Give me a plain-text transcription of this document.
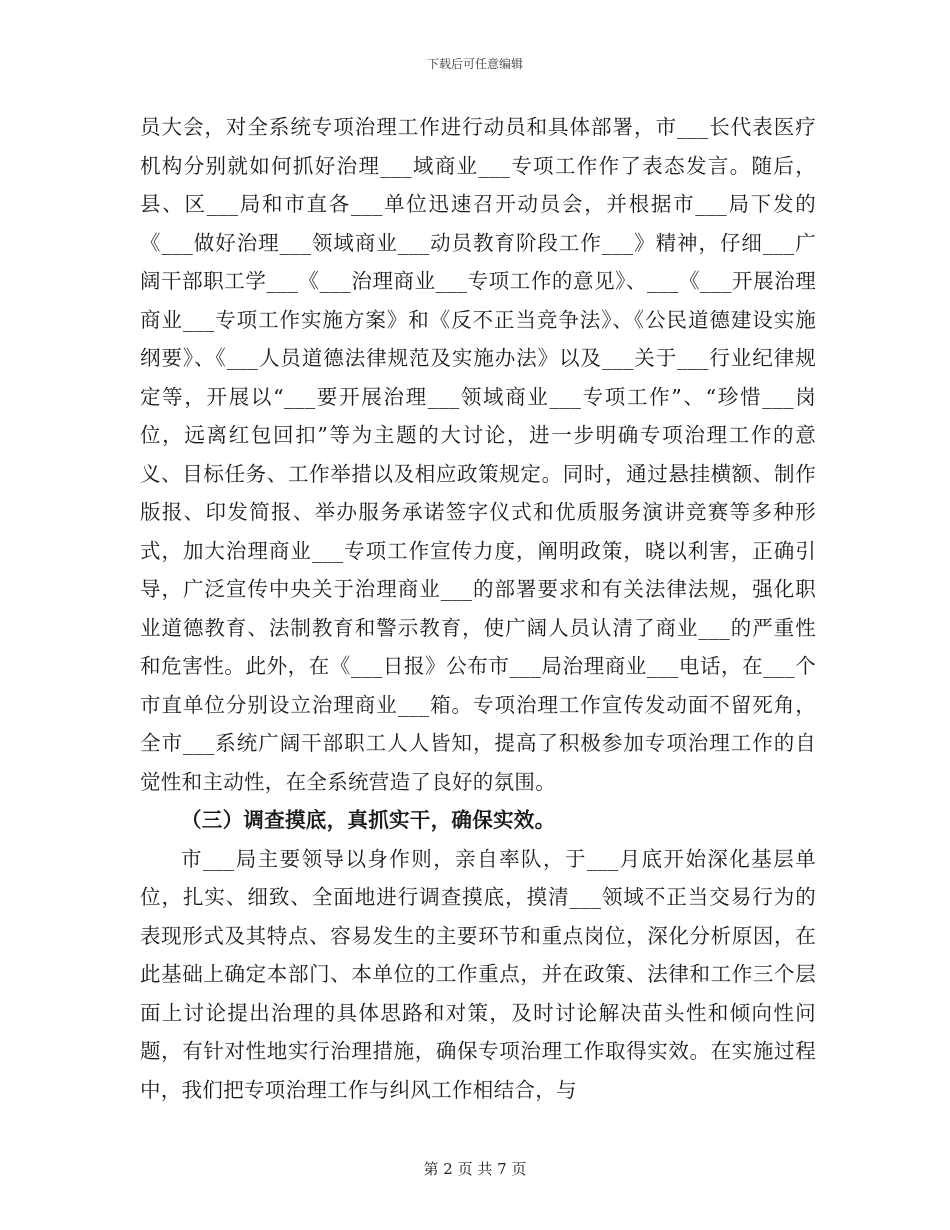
下载后可任意编辑

员大会，对全系统专项治理工作进行动员和具体部署，市___长代表医疗机构分别就如何抓好治理___域商业___专项工作作了表态发言。随后，县、区___局和市直各___单位迅速召开动员会，并根据市___局下发的《___做好治理___领域商业___动员教育阶段工作___》精神，仔细___广阔干部职工学___《___治理商业___专项工作的意见》、___《___开展治理商业___专项工作实施方案》和《反不正当竞争法》、《公民道德建设实施纲要》、《___人员道德法律规范及实施办法》以及___关于___行业纪律规定等，开展以“___要开展治理___领域商业___专项工作”、“珍惜___岗位，远离红包回扣”等为主题的大讨论，进一步明确专项治理工作的意义、目标任务、工作举措以及相应政策规定。同时，通过悬挂横额、制作版报、印发简报、举办服务承诺签字仪式和优质服务演讲竞赛等多种形式，加大治理商业___专项工作宣传力度，阐明政策，晓以利害，正确引导，广泛宣传中央关于治理商业___的部署要求和有关法律法规，强化职业道德教育、法制教育和警示教育，使广阔人员认清了商业___的严重性和危害性。此外，在《___日报》公布市___局治理商业___电话，在___个市直单位分别设立治理商业___箱。专项治理工作宣传发动面不留死角，全市___系统广阔干部职工人人皆知，提高了积极参加专项治理工作的自觉性和主动性，在全系统营造了良好的氛围。

（三）调查摸底，真抓实干，确保实效。

市___局主要领导以身作则，亲自率队，于___月底开始深化基层单位，扎实、细致、全面地进行调查摸底，摸清___领域不正当交易行为的表现形式及其特点、容易发生的主要环节和重点岗位，深化分析原因，在此基础上确定本部门、本单位的工作重点，并在政策、法律和工作三个层面上讨论提出治理的具体思路和对策，及时讨论解决苗头性和倾向性问题，有针对性地实行治理措施，确保专项治理工作取得实效。在实施过程中，我们把专项治理工作与纠风工作相结合，与

第 2 页 共 7 页
